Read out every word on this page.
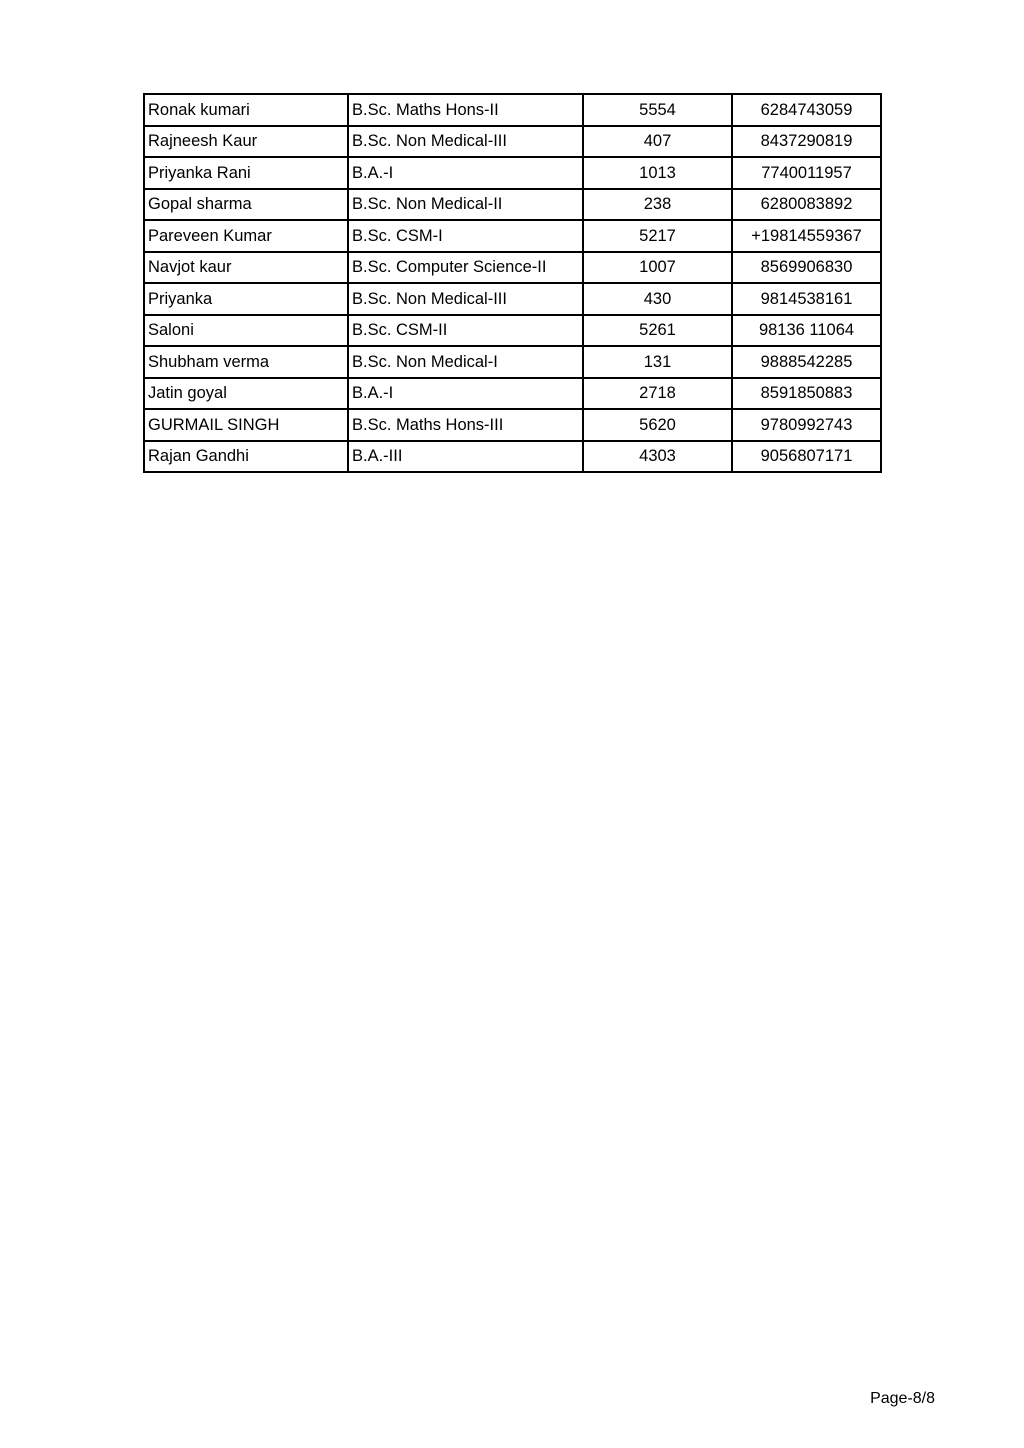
Ronak kumari	B.Sc. Maths Hons-II	5554	6284743059
Rajneesh Kaur	B.Sc. Non Medical-III	407	8437290819
Priyanka Rani	B.A.-I	1013	7740011957
Gopal sharma	B.Sc. Non Medical-II	238	6280083892
Pareveen Kumar	B.Sc. CSM-I	5217	+19814559367
Navjot kaur	B.Sc. Computer Science-II	1007	8569906830
Priyanka	B.Sc. Non Medical-III	430	9814538161
Saloni	B.Sc. CSM-II	5261	98136 11064
Shubham verma	B.Sc. Non Medical-I	131	9888542285
Jatin goyal	B.A.-I	2718	8591850883
GURMAIL SINGH	B.Sc. Maths Hons-III	5620	9780992743
Rajan Gandhi	B.A.-III	4303	9056807171
Page-8/8
